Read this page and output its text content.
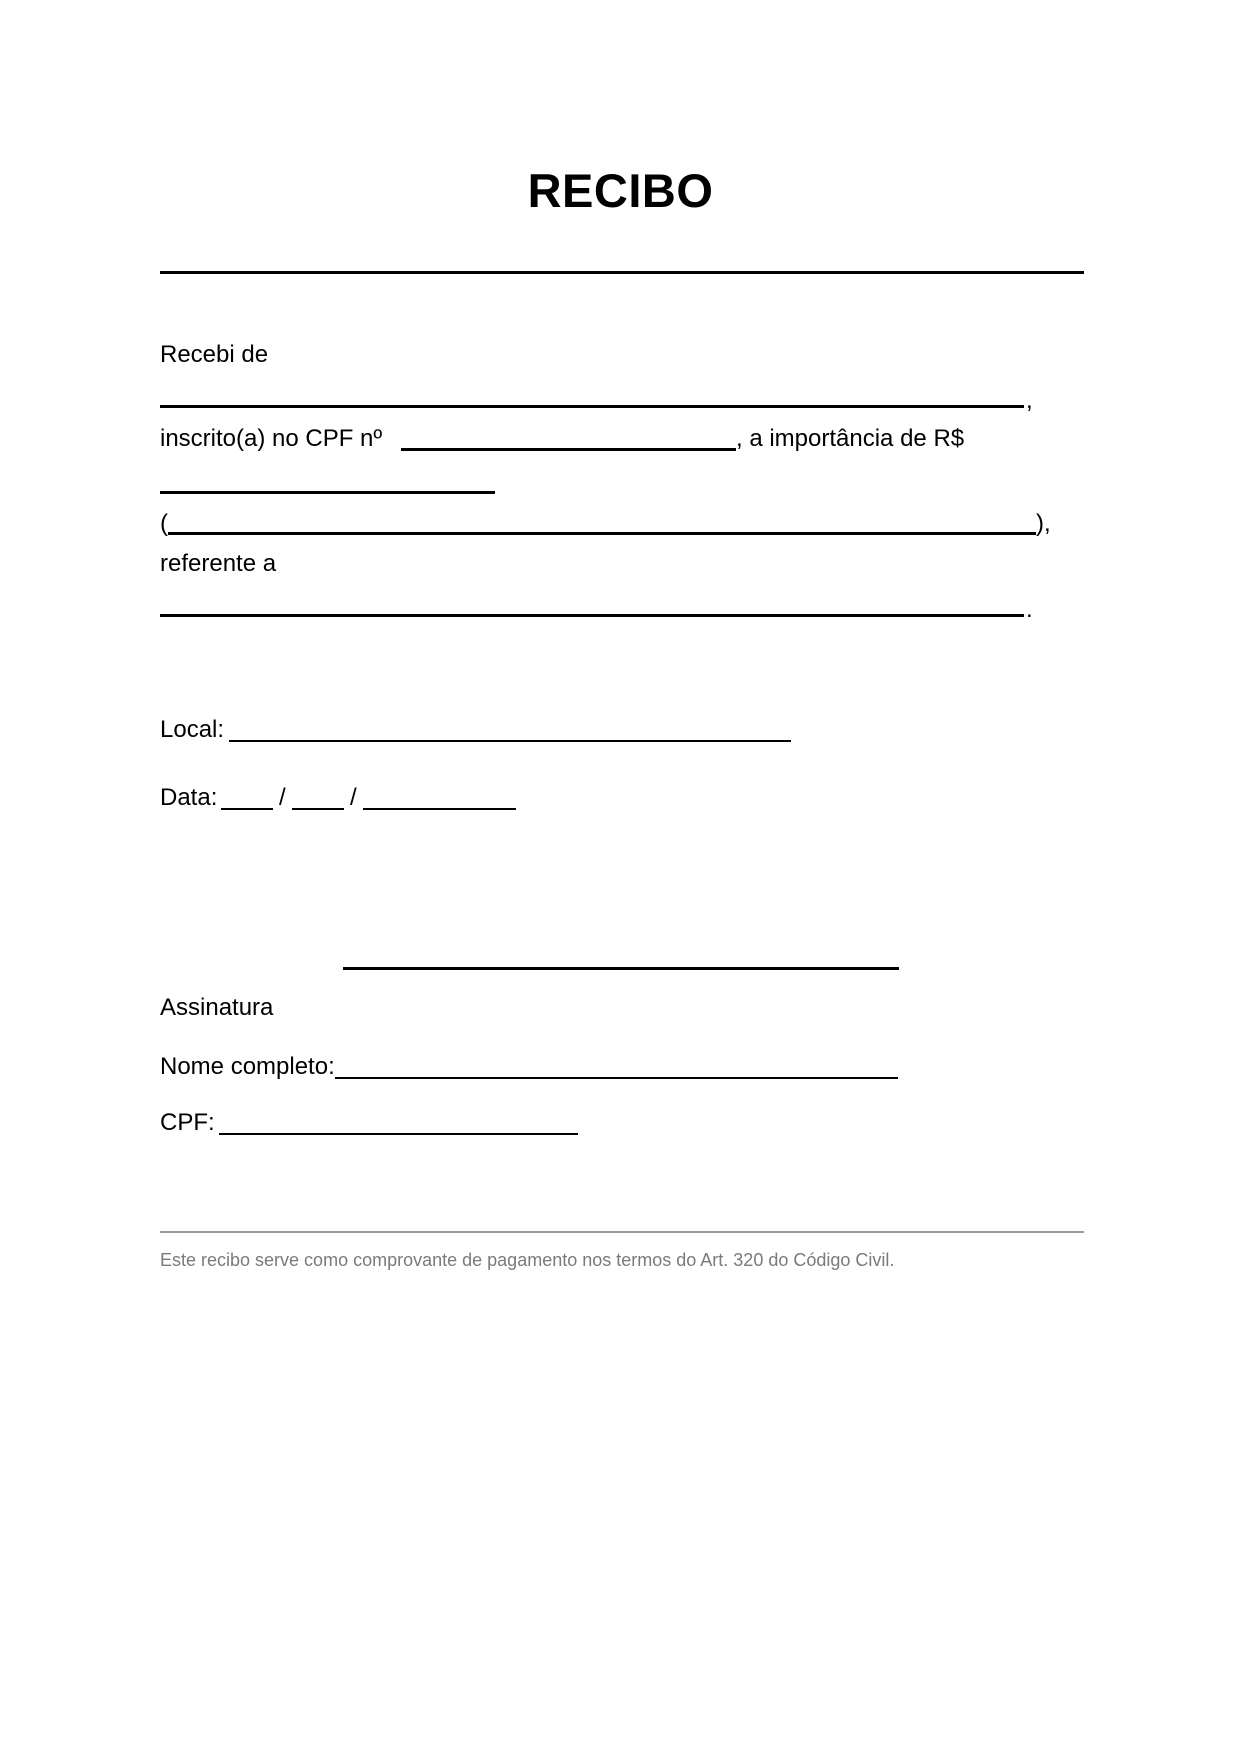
RECIBO
Recebi de
,
inscrito(a) no CPF nº	, a importância de R$
(	),
referente a
.
Local:
Data:	/	/
Assinatura
Nome completo:
CPF:
Este recibo serve como comprovante de pagamento nos termos do Art. 320 do Código Civil.
